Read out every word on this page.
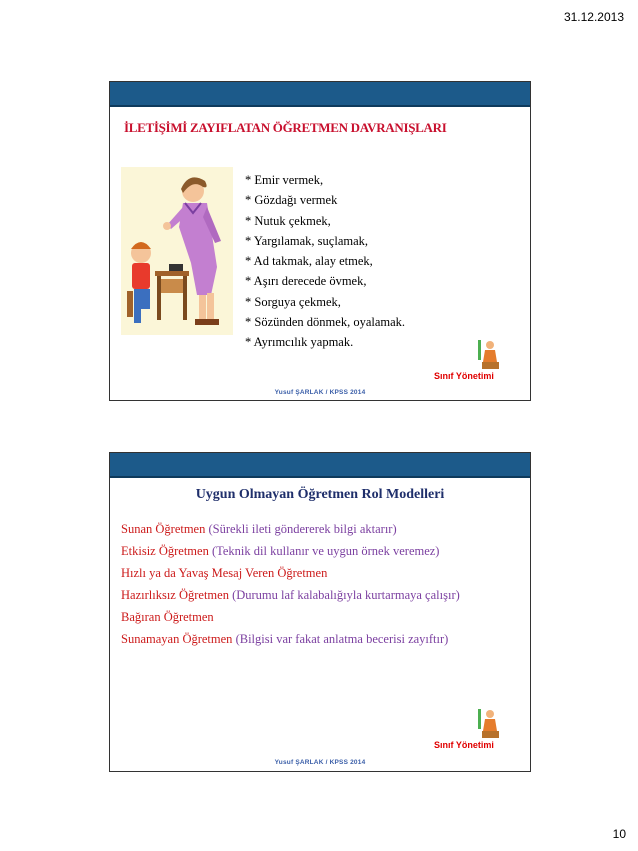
31.12.2013
İLETİŞİMİ ZAYIFLATAN ÖĞRETMEN DAVRANIŞLARI
* Emir vermek,
* Gözdağı vermek
* Nutuk çekmek,
* Yargılamak, suçlamak,
* Ad takmak, alay etmek,
* Aşırı derecede övmek,
* Sorguya çekmek,
* Sözünden dönmek, oyalamak.
* Ayrımcılık yapmak.
Sınıf Yönetimi
Yusuf ŞARLAK / KPSS 2014
Uygun Olmayan Öğretmen Rol Modelleri

Sunan Öğretmen (Sürekli ileti göndererek bilgi aktarır)

Etkisiz Öğretmen (Teknik dil kullanır ve uygun örnek veremez)

Hızlı ya da Yavaş Mesaj Veren Öğretmen

Hazırlıksız Öğretmen (Durumu laf kalabalığıyla kurtarmaya çalışır)

Bağıran Öğretmen

Sunamayan Öğretmen (Bilgisi var fakat anlatma becerisi zayıftır)

Sınıf Yönetimi
Yusuf ŞARLAK / KPSS 2014
10
